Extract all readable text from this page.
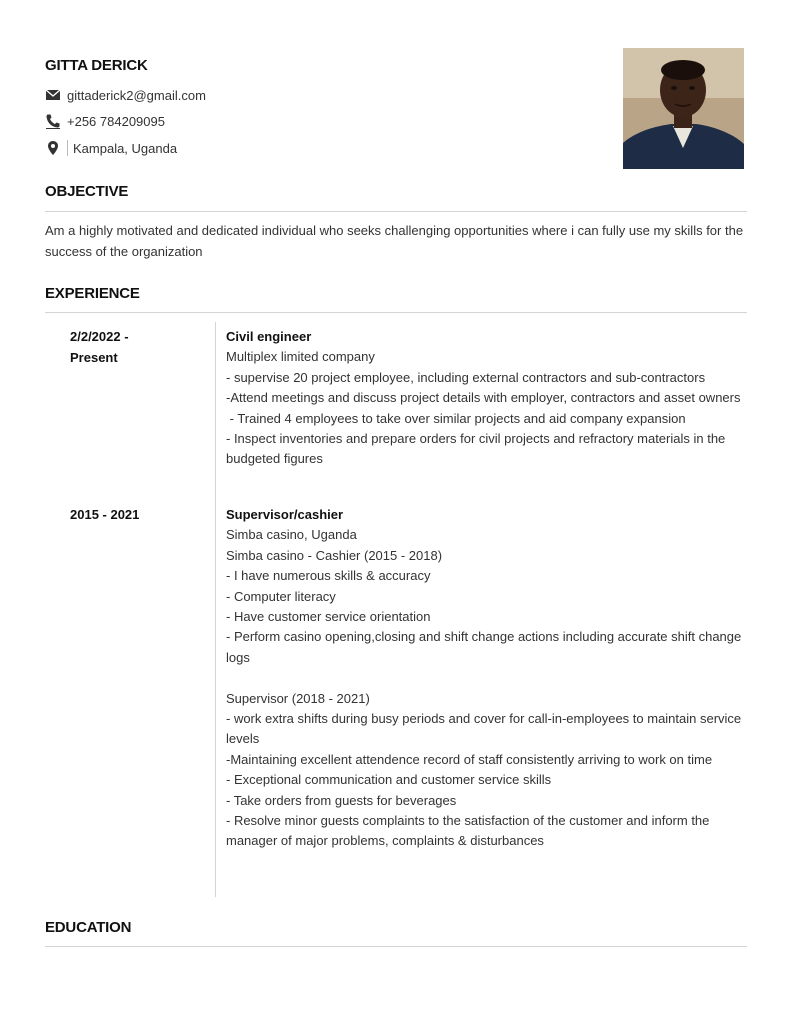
GITTA DERICK
gittaderick2@gmail.com
+256 784209095
Kampala, Uganda
OBJECTIVE
Am a highly motivated and dedicated individual who seeks challenging opportunities where i can fully use my skills for the success of the organization
EXPERIENCE
2/2/2022 -
Present
Civil engineer
Multiplex limited company
- supervise 20 project employee, including external contractors and sub-contractors
-Attend meetings and discuss project details with employer, contractors and asset owners
- Trained 4 employees to take over similar projects and aid company expansion
- Inspect inventories and prepare orders for civil projects and refractory materials in the budgeted figures
2015 - 2021	Supervisor/cashier
Simba casino, Uganda
Simba casino - Cashier (2015 - 2018)
- I have numerous skills & accuracy
- Computer literacy
- Have customer service orientation
- Perform casino opening,closing and shift change actions including accurate shift change logs
Supervisor (2018 - 2021)
- work extra shifts during busy periods and cover for call-in-employees to maintain service levels
-Maintaining excellent attendence record of staff consistently arriving to work on time
- Exceptional communication and customer service skills
- Take orders from guests for beverages
- Resolve minor guests complaints to the satisfaction of the customer and inform the manager of major problems, complaints & disturbances
EDUCATION
